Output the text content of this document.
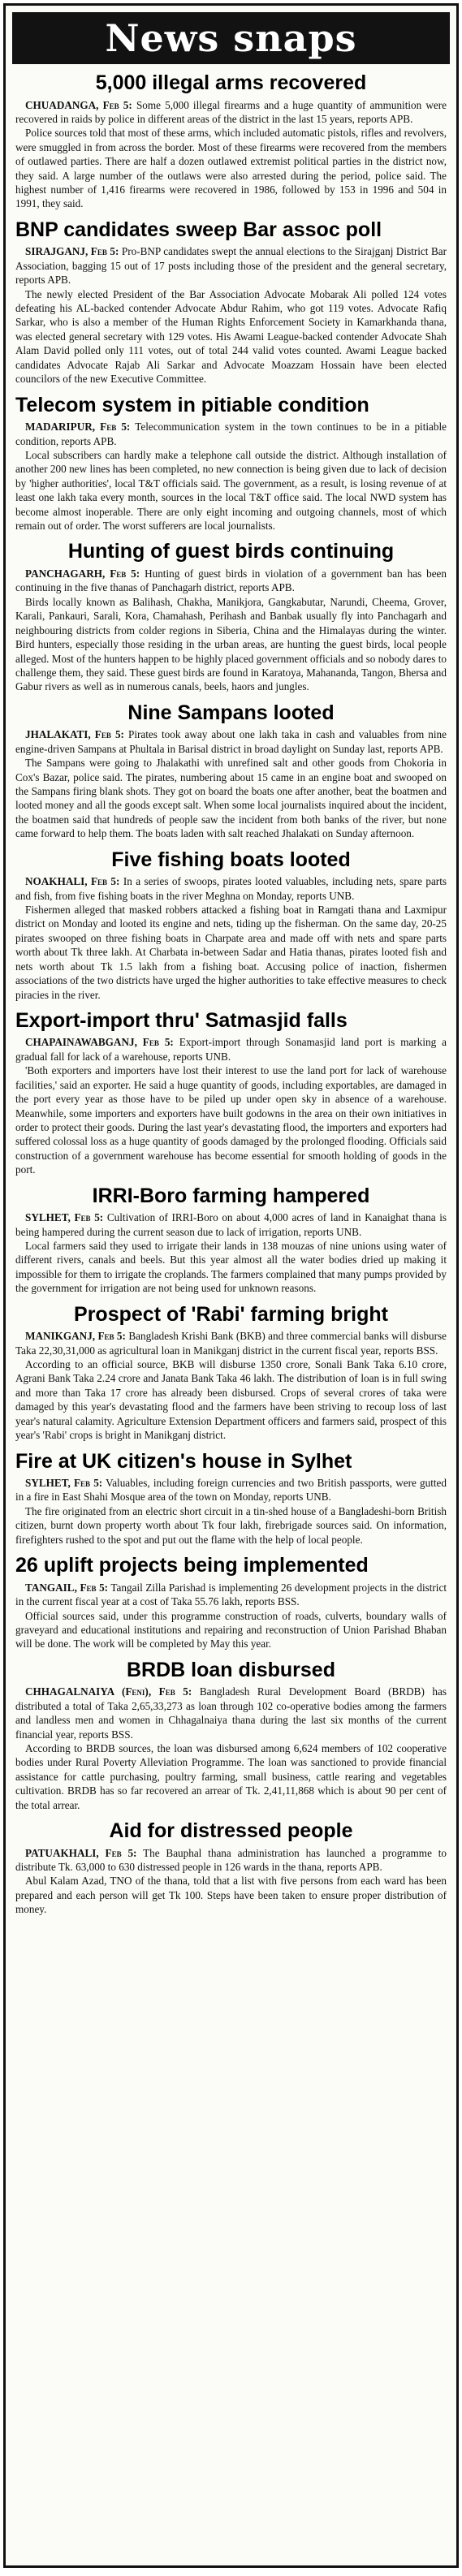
News snaps
5,000 illegal arms recovered

CHUADANGA, Feb 5: Some 5,000 illegal firearms and a huge quantity of ammunition were recovered in raids by police in different areas of the district in the last 15 years, reports APB.

Police sources told that most of these arms, which included automatic pistols, rifles and revolvers, were smuggled in from across the border. Most of these firearms were recovered from the members of outlawed parties. There are half a dozen outlawed extremist political parties in the district now, they said. A large number of the outlaws were also arrested during the period, police said. The highest number of 1,416 firearms were recovered in 1986, followed by 153 in 1996 and 504 in 1991, they said.

BNP candidates sweep Bar assoc poll

SIRAJGANJ, Feb 5: Pro-BNP candidates swept the annual elections to the Sirajganj District Bar Association, bagging 15 out of 17 posts including those of the president and the general secretary, reports APB.

The newly elected President of the Bar Association Advocate Mobarak Ali polled 124 votes defeating his AL-backed contender Advocate Abdur Rahim, who got 119 votes. Advocate Rafiq Sarkar, who is also a member of the Human Rights Enforcement Society in Kamarkhanda thana, was elected general secretary with 129 votes. His Awami League-backed contender Advocate Shah Alam David polled only 111 votes, out of total 244 valid votes counted. Awami League backed candidates Advocate Rajab Ali Sarkar and Advocate Moazzam Hossain have been elected councilors of the new Executive Committee.

Telecom system in pitiable condition

MADARIPUR, Feb 5: Telecommunication system in the town continues to be in a pitiable condition, reports APB.

Local subscribers can hardly make a telephone call outside the district. Although installation of another 200 new lines has been completed, no new connection is being given due to lack of decision by 'higher authorities', local T&T officials said. The government, as a result, is losing revenue of at least one lakh taka every month, sources in the local T&T office said. The local NWD system has become almost inoperable. There are only eight incoming and outgoing channels, most of which remain out of order. The worst sufferers are local journalists.

Hunting of guest birds continuing

PANCHAGARH, Feb 5: Hunting of guest birds in violation of a government ban has been continuing in the five thanas of Panchagarh district, reports APB.

Birds locally known as Balihash, Chakha, Manikjora, Gangkabutar, Narundi, Cheema, Grover, Karali, Pankauri, Sarali, Kora, Chamahash, Perihash and Banbak usually fly into Panchagarh and neighbouring districts from colder regions in Siberia, China and the Himalayas during the winter. Bird hunters, especially those residing in the urban areas, are hunting the guest birds, local people alleged. Most of the hunters happen to be highly placed government officials and so nobody dares to challenge them, they said. These guest birds are found in Karatoya, Mahananda, Tangon, Bhersa and Gabur rivers as well as in numerous canals, beels, haors and jungles.

Nine Sampans looted

JHALAKATI, Feb 5: Pirates took away about one lakh taka in cash and valuables from nine engine-driven Sampans at Phultala in Barisal district in broad daylight on Sunday last, reports APB.

The Sampans were going to Jhalakathi with unrefined salt and other goods from Chokoria in Cox's Bazar, police said. The pirates, numbering about 15 came in an engine boat and swooped on the Sampans firing blank shots. They got on board the boats one after another, beat the boatmen and looted money and all the goods except salt. When some local journalists inquired about the incident, the boatmen said that hundreds of people saw the incident from both banks of the river, but none came forward to help them. The boats laden with salt reached Jhalakati on Sunday afternoon.

Five fishing boats looted

NOAKHALI, Feb 5: In a series of swoops, pirates looted valuables, including nets, spare parts and fish, from five fishing boats in the river Meghna on Monday, reports UNB.

Fishermen alleged that masked robbers attacked a fishing boat in Ramgati thana and Laxmipur district on Monday and looted its engine and nets, tiding up the fisherman. On the same day, 20-25 pirates swooped on three fishing boats in Charpate area and made off with nets and spare parts worth about Tk three lakh. At Charbata in-between Sadar and Hatia thanas, pirates looted fish and nets worth about Tk 1.5 lakh from a fishing boat. Accusing police of inaction, fishermen associations of the two districts have urged the higher authorities to take effective measures to check piracies in the river.

Export-import thru' Satmasjid falls

CHAPAINAWABGANJ, Feb 5: Export-import through Sonamasjid land port is marking a gradual fall for lack of a warehouse, reports UNB.

'Both exporters and importers have lost their interest to use the land port for lack of warehouse facilities,' said an exporter. He said a huge quantity of goods, including exportables, are damaged in the port every year as those have to be piled up under open sky in absence of a warehouse. Meanwhile, some importers and exporters have built godowns in the area on their own initiatives in order to protect their goods. During the last year's devastating flood, the importers and exporters had suffered colossal loss as a huge quantity of goods damaged by the prolonged flooding. Officials said construction of a government warehouse has become essential for smooth holding of goods in the port.

IRRI-Boro farming hampered

SYLHET, Feb 5: Cultivation of IRRI-Boro on about 4,000 acres of land in Kanaighat thana is being hampered during the current season due to lack of irrigation, reports UNB.

Local farmers said they used to irrigate their lands in 138 mouzas of nine unions using water of different rivers, canals and beels. But this year almost all the water bodies dried up making it impossible for them to irrigate the croplands. The farmers complained that many pumps provided by the government for irrigation are not being used for unknown reasons.

Prospect of 'Rabi' farming bright

MANIKGANJ, Feb 5: Bangladesh Krishi Bank (BKB) and three commercial banks will disburse Taka 22,30,31,000 as agricultural loan in Manikganj district in the current fiscal year, reports BSS.

According to an official source, BKB will disburse 1350 crore, Sonali Bank Taka 6.10 crore, Agrani Bank Taka 2.24 crore and Janata Bank Taka 46 lakh. The distribution of loan is in full swing and more than Taka 17 crore has already been disbursed. Crops of several crores of taka were damaged by this year's devastating flood and the farmers have been striving to recoup loss of last year's natural calamity. Agriculture Extension Department officers and farmers said, prospect of this year's 'Rabi' crops is bright in Manikganj district.

Fire at UK citizen's house in Sylhet

SYLHET, Feb 5: Valuables, including foreign currencies and two British passports, were gutted in a fire in East Shahi Mosque area of the town on Monday, reports UNB.

The fire originated from an electric short circuit in a tin-shed house of a Bangladeshi-born British citizen, burnt down property worth about Tk four lakh, firebrigade sources said. On information, firefighters rushed to the spot and put out the flame with the help of local people.

26 uplift projects being implemented

TANGAIL, Feb 5: Tangail Zilla Parishad is implementing 26 development projects in the district in the current fiscal year at a cost of Taka 55.76 lakh, reports BSS.

Official sources said, under this programme construction of roads, culverts, boundary walls of graveyard and educational institutions and repairing and reconstruction of Union Parishad Bhaban will be done. The work will be completed by May this year.

BRDB loan disbursed

CHHAGALNAIYA (Feni), Feb 5: Bangladesh Rural Development Board (BRDB) has distributed a total of Taka 2,65,33,273 as loan through 102 co-operative bodies among the farmers and landless men and women in Chhagalnaiya thana during the last six months of the current financial year, reports BSS.

According to BRDB sources, the loan was disbursed among 6,624 members of 102 cooperative bodies under Rural Poverty Alleviation Programme. The loan was sanctioned to provide financial assistance for cattle purchasing, poultry farming, small business, cattle rearing and vegetables cultivation. BRDB has so far recovered an arrear of Tk. 2,41,11,868 which is about 90 per cent of the total arrear.

Aid for distressed people

PATUAKHALI, Feb 5: The Bauphal thana administration has launched a programme to distribute Tk. 63,000 to 630 distressed people in 126 wards in the thana, reports APB.

Abul Kalam Azad, TNO of the thana, told that a list with five persons from each ward has been prepared and each person will get Tk 100. Steps have been taken to ensure proper distribution of money.
